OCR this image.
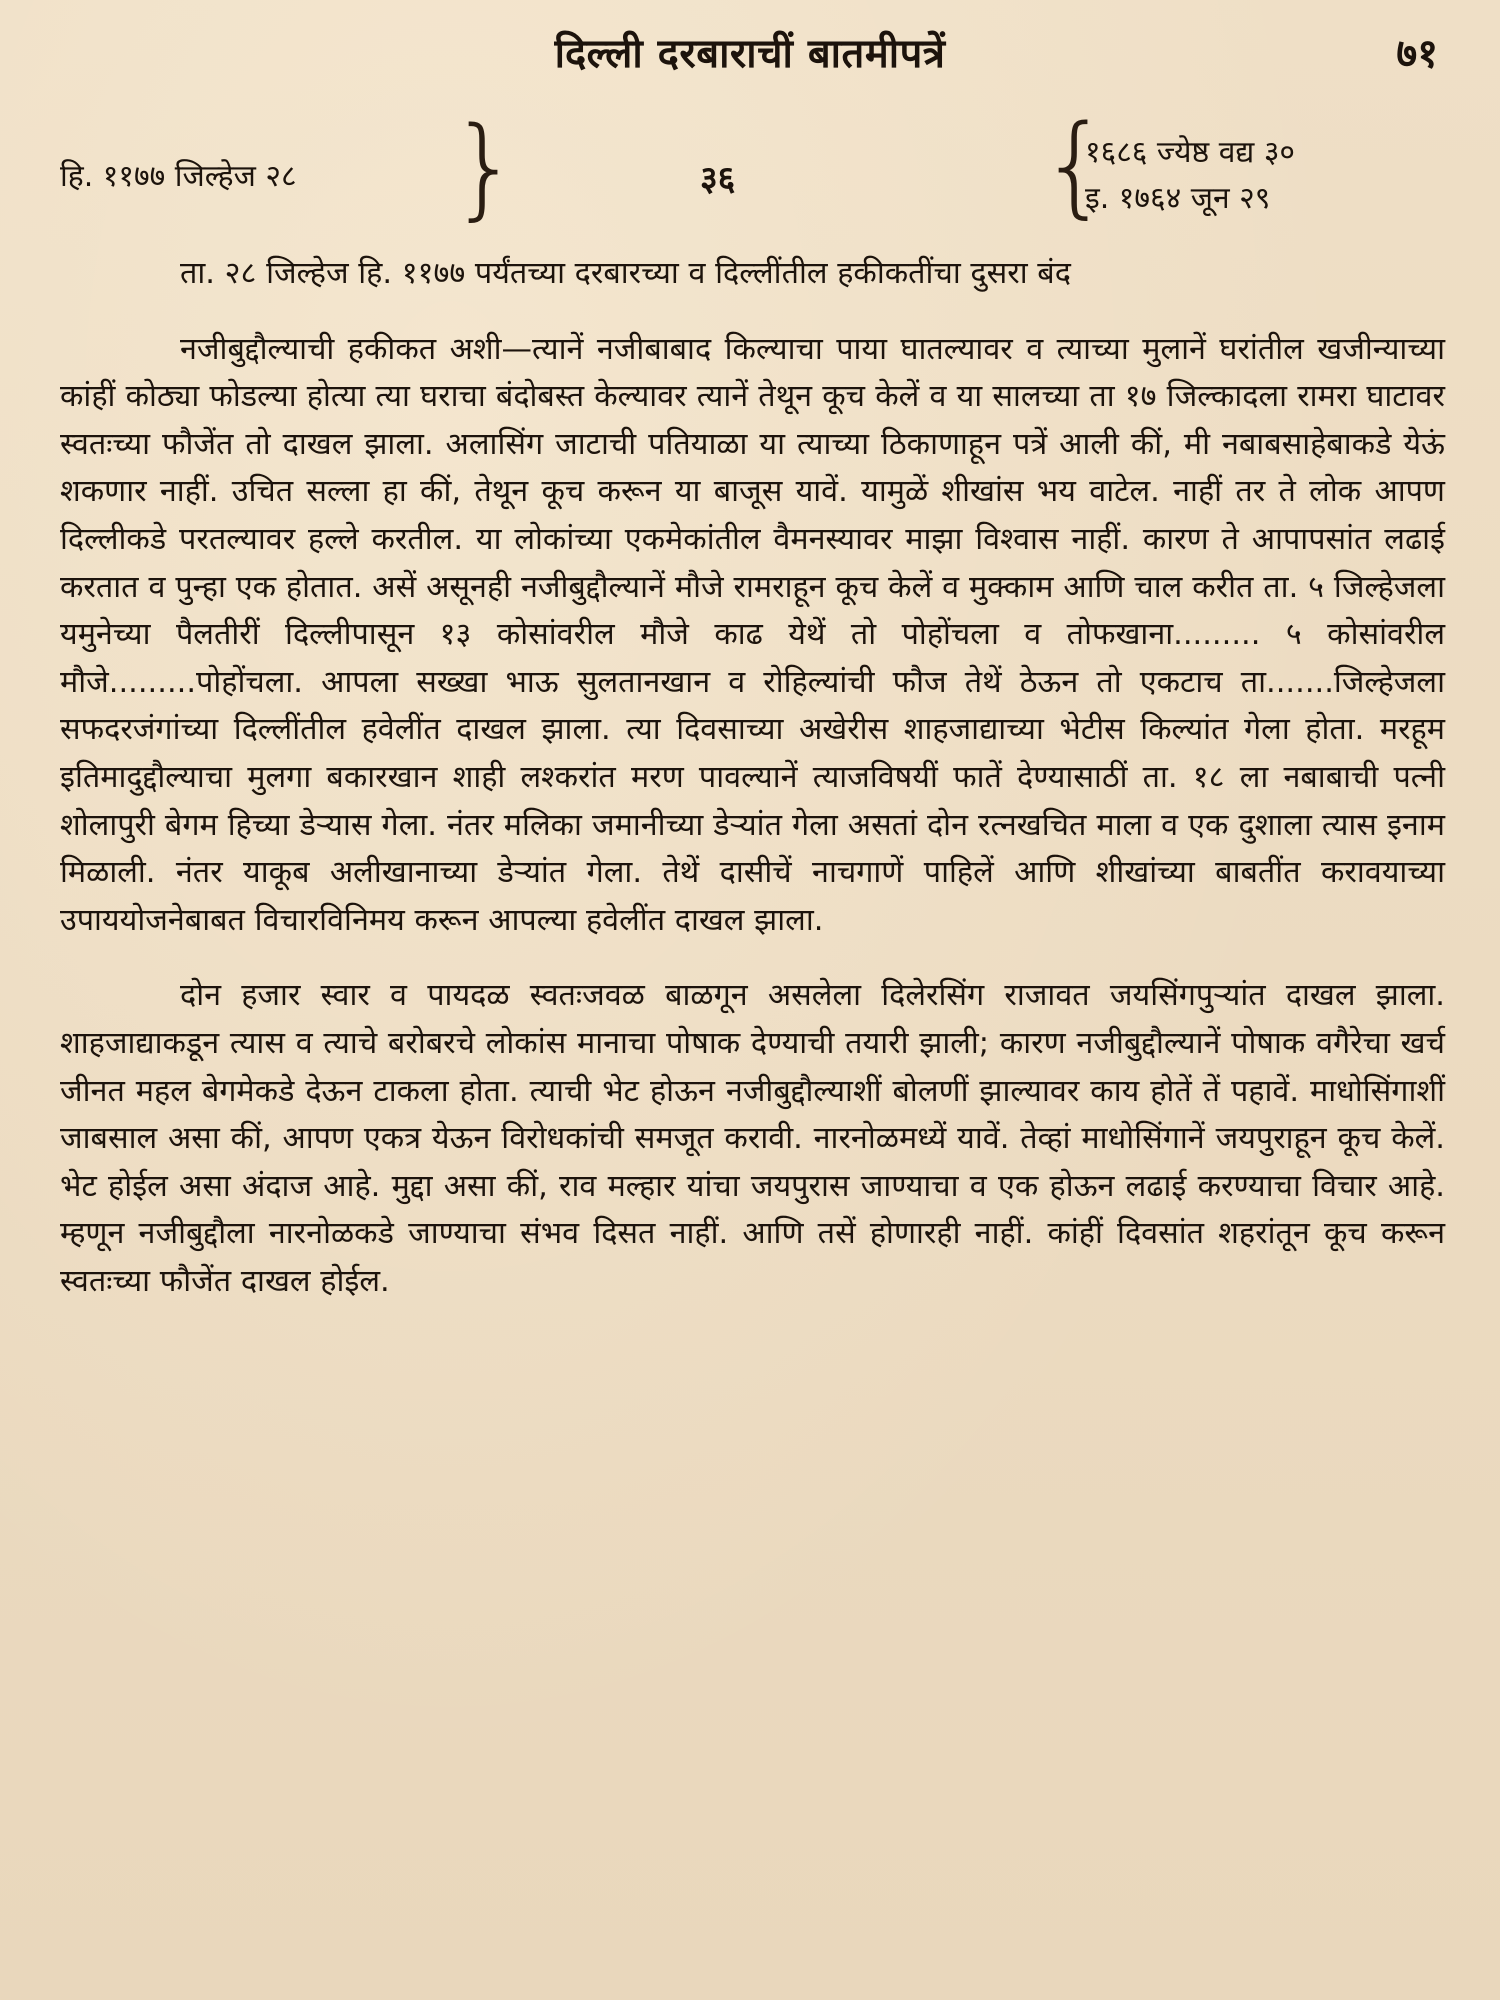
दिल्ली दरबाराचीं बातमीपत्रें	७१
हि. ११७७ जिल्हेज २८ }	३६	{
१६८६ ज्येष्ठ वद्य ३०
इ. १७६४ जून २९

ता. २८ जिल्हेज हि. ११७७ पर्यंतच्या दरबारच्या व दिल्लींतील हकीकतींचा दुसरा बंद

नजीबुद्दौल्याची हकीकत अशी—त्यानें नजीबाबाद किल्याचा पाया घातल्यावर व त्याच्या मुलानें घरांतील खजीन्याच्या कांहीं कोठ्या फोडल्या होत्या त्या घराचा बंदोबस्त केल्यावर त्यानें तेथून कूच केलें व या सालच्या ता १७ जिल्कादला रामरा घाटावर स्वतःच्या फौजेंत तो दाखल झाला. अलासिंग जाटाची पतियाळा या त्याच्या ठिकाणाहून पत्रें आली कीं, मी नबाबसाहेबाकडे येऊं शकणार नाहीं. उचित सल्ला हा कीं, तेथून कूच करून या बाजूस यावें. यामुळें शीखांस भय वाटेल. नाहीं तर ते लोक आपण दिल्लीकडे परतल्यावर हल्ले करतील. या लोकांच्या एकमेकांतील वैमनस्यावर माझा विश्वास नाहीं. कारण ते आपापसांत लढाई करतात व पुन्हा एक होतात. असें असूनही नजीबुद्दौल्यानें मौजे रामराहून कूच केलें व मुक्काम आणि चाल करीत ता. ५ जिल्हेजला यमुनेच्या पैलतीरीं दिल्लीपासून १३ कोसांवरील मौजे काढ येथें तो पोहोंचला व तोफखाना......... ५ कोसांवरील मौजे.........पोहोंचला. आपला सख्खा भाऊ सुलतानखान व रोहिल्यांची फौज तेथें ठेऊन तो एकटाच ता.......जिल्हेजला सफदरजंगांच्या दिल्लींतील हवेलींत दाखल झाला. त्या दिवसाच्या अखेरीस शाहजाद्याच्या भेटीस किल्यांत गेला होता. मरहूम इतिमादुद्दौल्याचा मुलगा बकारखान शाही लश्करांत मरण पावल्यानें त्याजविषयीं फातें देण्यासाठीं ता. १८ ला नबाबाची पत्नी शोलापुरी बेगम हिच्या डेऱ्यास गेला. नंतर मलिका जमानीच्या डेऱ्यांत गेला असतां दोन रत्नखचित माला व एक दुशाला त्यास इनाम मिळाली. नंतर याकूब अलीखानाच्या डेऱ्यांत गेला. तेथें दासीचें नाचगाणें पाहिलें आणि शीखांच्या बाबतींत करावयाच्या उपाययोजनेबाबत विचारविनिमय करून आपल्या हवेलींत दाखल झाला.

दोन हजार स्वार व पायदळ स्वतःजवळ बाळगून असलेला दिलेरसिंग राजावत जयसिंगपुऱ्यांत दाखल झाला. शाहजाद्याकडून त्यास व त्याचे बरोबरचे लोकांस मानाचा पोषाक देण्याची तयारी झाली; कारण नजीबुद्दौल्यानें पोषाक वगैरेचा खर्च जीनत महल बेगमेकडे देऊन टाकला होता. त्याची भेट होऊन नजीबुद्दौल्याशीं बोलणीं झाल्यावर काय होतें तें पहावें. माधोसिंगाशीं जाबसाल असा कीं, आपण एकत्र येऊन विरोधकांची समजूत करावी. नारनोळमध्यें यावें. तेव्हां माधोसिंगानें जयपुराहून कूच केलें. भेट होईल असा अंदाज आहे. मुद्दा असा कीं, राव मल्हार यांचा जयपुरास जाण्याचा व एक होऊन लढाई करण्याचा विचार आहे. म्हणून नजीबुद्दौला नारनोळकडे जाण्याचा संभव दिसत नाहीं. आणि तसें होणारही नाहीं. कांहीं दिवसांत शहरांतून कूच करून स्वतःच्या फौजेंत दाखल होईल.
